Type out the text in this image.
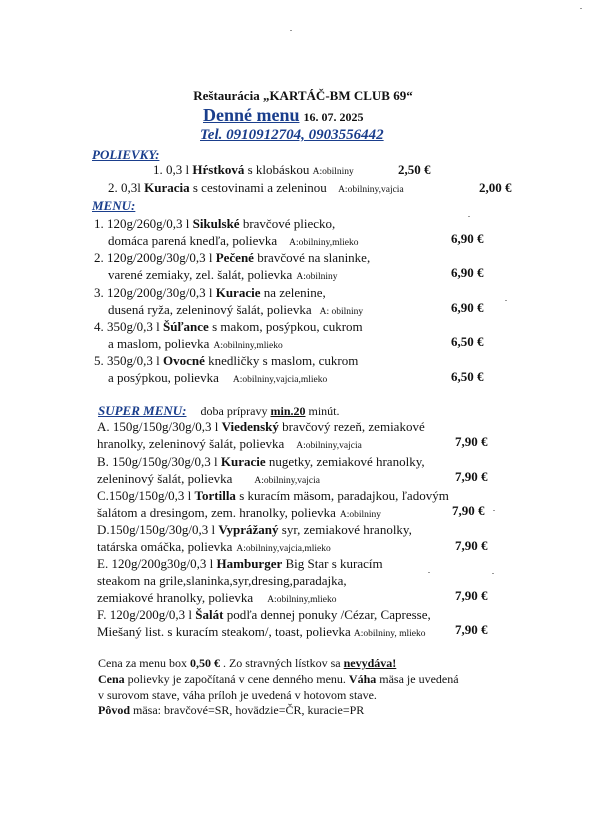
Reštaurácia „KARTÁČ-BM CLUB 69“
Denné menu 16. 07. 2025
Tel. 0910912704, 0903556442
POLIEVKY:
1. 0,3 l Hŕstková s klobáskou A:obilniny	2,50 €
2. 0,3l Kuracia s cestovinami a zeleninou A:obilniny,vajcia	2,00 €
MENU:
1. 120g/260g/0,3 l Sikulské bravčové pliecko,
domáca parená knedľa, polievka A:obilniny,mlieko	6,90 €
2. 120g/200g/30g/0,3 l Pečené bravčové na slaninke,
varené zemiaky, zel. šalát, polievka A:obilniny	6,90 €
3. 120g/200g/30g/0,3 l Kuracie na zelenine,
dusená ryža, zeleninový šalát, polievka A: obilniny	6,90 €
4. 350g/0,3 l Šúľance s makom, posýpkou, cukrom
a maslom, polievka A:obilniny,mlieko	6,50 €
5. 350g/0,3 l Ovocné knedličky s maslom, cukrom
a posýpkou, polievka A:obilniny,vajcia,mlieko	6,50 €
SUPER MENU: doba prípravy min.20 minút.
A. 150g/150g/30g/0,3 l Viedenský bravčový rezeň, zemiakové
hranolky, zeleninový šalát, polievka A:obilniny,vajcia	7,90 €
B. 150g/150g/30g/0,3 l Kuracie nugetky, zemiakové hranolky,
zeleninový šalát, polievka A:obilniny,vajcia	7,90 €
C.150g/150g/0,3 l Tortilla s kuracím mäsom, paradajkou, ľadovým
šalátom a dresingom, zem. hranolky, polievka A:obilniny	7,90 €
D.150g/150g/30g/0,3 l Vyprážaný syr, zemiakové hranolky,
tatárska omáčka, polievka A:obilniny,vajcia,mlieko	7,90 €
E. 120g/200g30g/0,3 l Hamburger Big Star s kuracím
steakom na grile,slaninka,syr,dresing,paradajka,
zemiakové hranolky, polievka A:obilniny,mlieko	7,90 €
F. 120g/200g/0,3 l Šalát podľa dennej ponuky /Cézar, Capresse,
Miešaný list. s kuracím steakom/, toast, polievka A:obilniny, mlieko 7,90 €
Cena za menu box 0,50 € . Zo stravných lístkov sa nevydáva!
Cena polievky je započítaná v cene denného menu. Váha mäsa je uvedená
v surovom stave, váha príloh je uvedená v hotovom stave.
Pôvod mäsa: bravčové=SR, hovädzie=ČR, kuracie=PR
